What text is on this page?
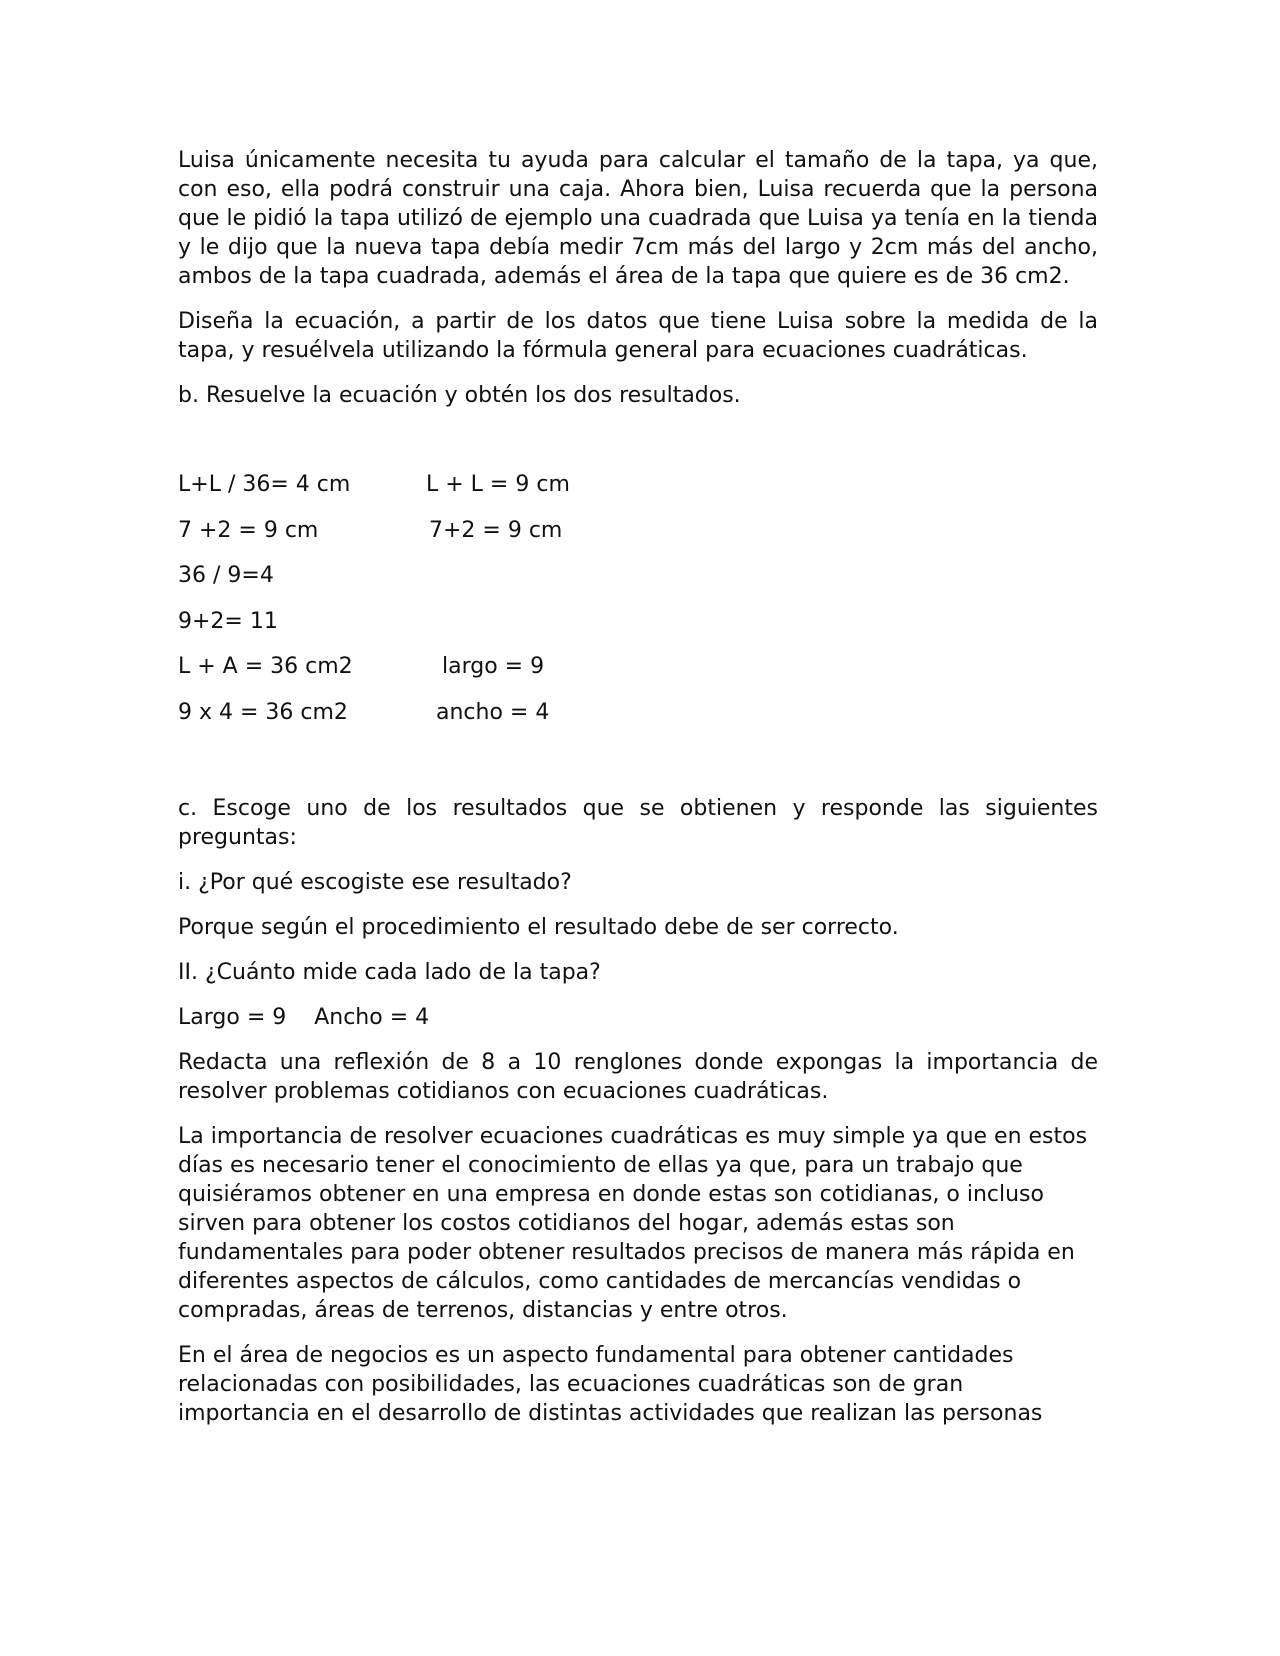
Luisa únicamente necesita tu ayuda para calcular el tamaño de la tapa, ya que, con eso, ella podrá construir una caja. Ahora bien, Luisa recuerda que la persona que le pidió la tapa utilizó de ejemplo una cuadrada que Luisa ya tenía en la tienda y le dijo que la nueva tapa debía medir 7cm más del largo y 2cm más del ancho, ambos de la tapa cuadrada, además el área de la tapa que quiere es de 36 cm2.

Diseña la ecuación, a partir de los datos que tiene Luisa sobre la medida de la tapa, y resuélvela utilizando la fórmula general para ecuaciones cuadráticas.

b. Resuelve la ecuación y obtén los dos resultados.

L+L / 36= 4 cm

	L + L = 9 cm

7 +2 = 9 cm

	7+2 = 9 cm

36 / 9=4

9+2= 11

L + A = 36 cm2

	largo = 9

9 x 4 = 36 cm2

	ancho = 4

c. Escoge uno de los resultados que se obtienen y responde las siguientes preguntas:

i. ¿Por qué escogiste ese resultado?

Porque según el procedimiento el resultado debe de ser correcto.

II. ¿Cuánto mide cada lado de la tapa?

Largo = 9    Ancho = 4

Redacta una reflexión de 8 a 10 renglones donde expongas la importancia de resolver problemas cotidianos con ecuaciones cuadráticas.

La importancia de resolver ecuaciones cuadráticas es muy simple ya que en estos días es necesario tener el conocimiento de ellas ya que, para un trabajo que quisiéramos obtener en una empresa en donde estas son cotidianas, o incluso sirven para obtener los costos cotidianos del hogar, además estas son fundamentales para poder obtener resultados precisos de manera más rápida en diferentes aspectos de cálculos, como cantidades de mercancías vendidas o compradas, áreas de terrenos, distancias y entre otros.

En el área de negocios es un aspecto fundamental para obtener cantidades relacionadas con posibilidades, las ecuaciones cuadráticas son de gran importancia en el desarrollo de distintas actividades que realizan las personas
